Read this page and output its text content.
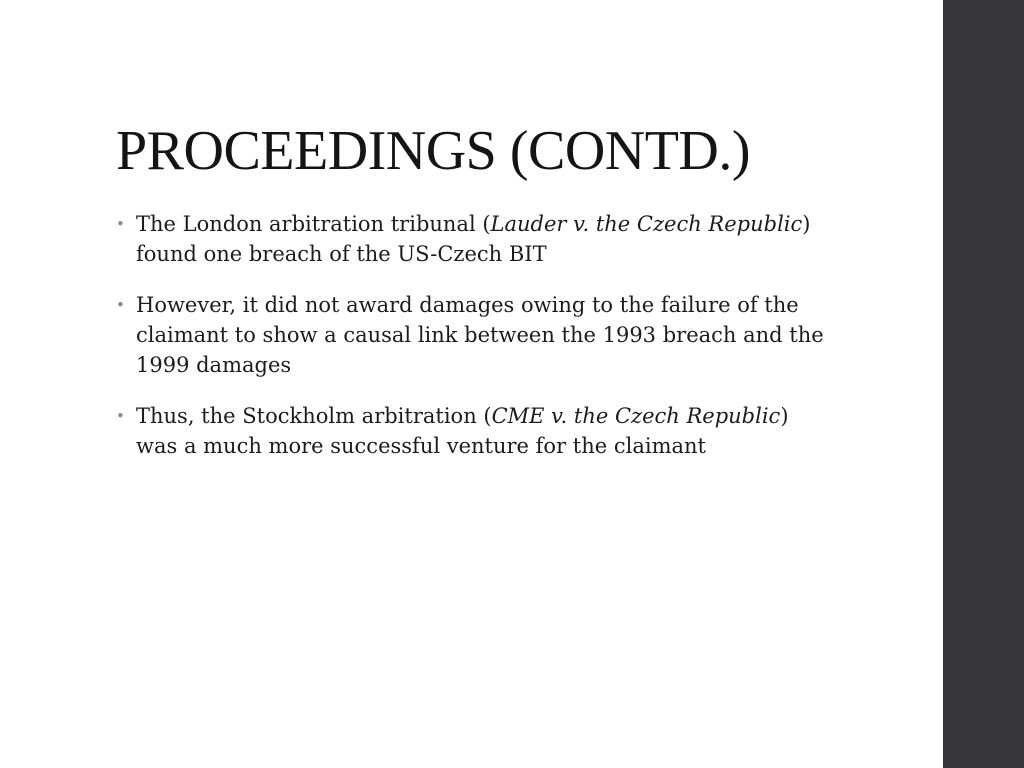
PROCEEDINGS (CONTD.)
• The London arbitration tribunal (Lauder v. the Czech Republic) found one breach of the US-Czech BIT
• However, it did not award damages owing to the failure of the claimant to show a causal link between the 1993 breach and the 1999 damages
• Thus, the Stockholm arbitration (CME v. the Czech Republic) was a much more successful venture for the claimant
